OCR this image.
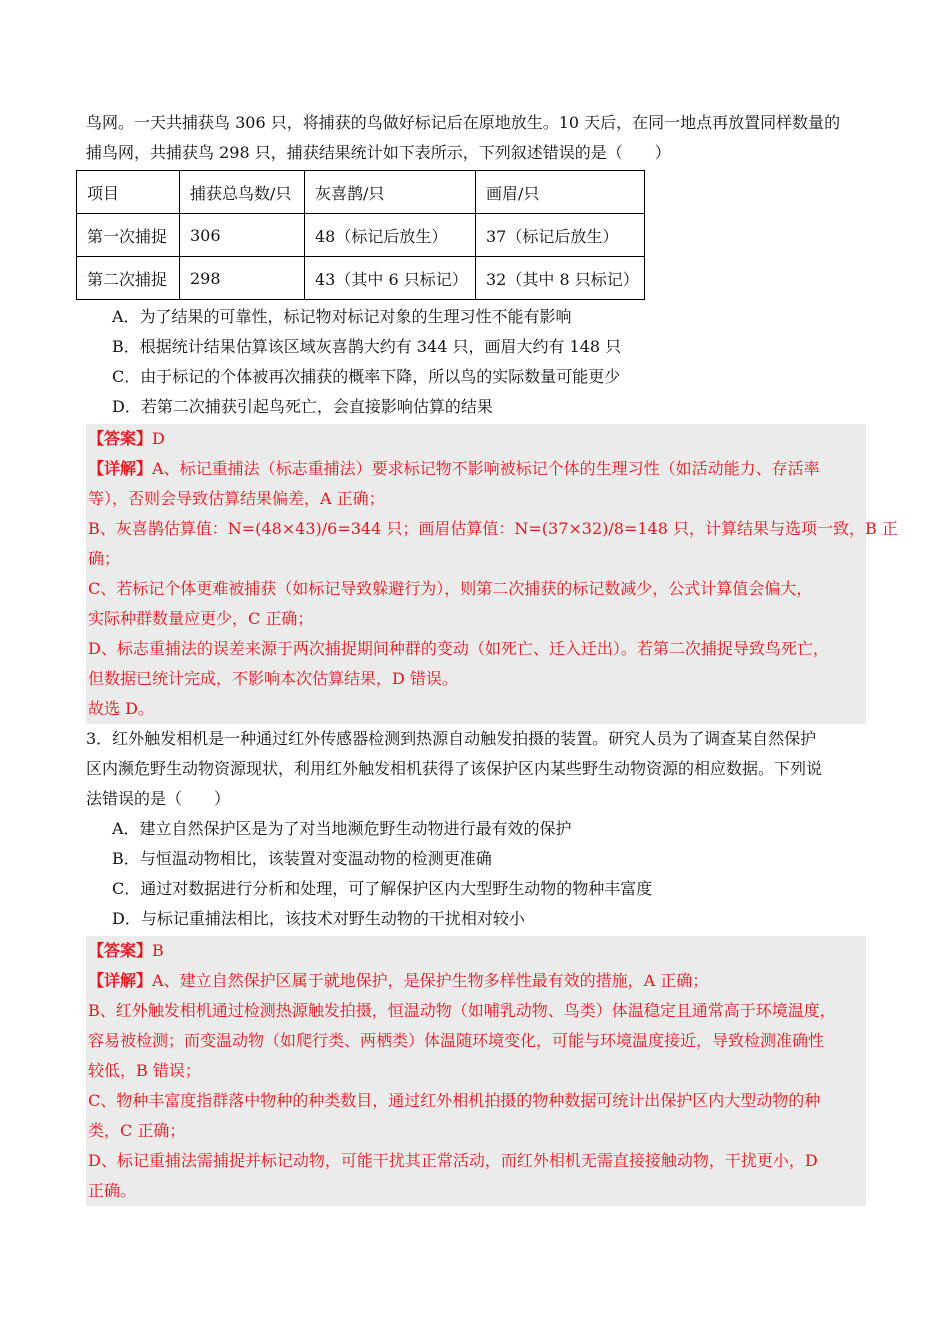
鸟网。一天共捕获鸟 306 只，将捕获的鸟做好标记后在原地放生。10 天后，在同一地点再放置同样数量的
捕鸟网，共捕获鸟 298 只，捕获结果统计如下表所示，下列叙述错误的是（　　）
项目	捕获总鸟数/只	灰喜鹊/只	画眉/只
第一次捕捉	306	48（标记后放生）	37（标记后放生）
第二次捕捉	298	43（其中 6 只标记）	32（其中 8 只标记）
A．为了结果的可靠性，标记物对标记对象的生理习性不能有影响
B．根据统计结果估算该区域灰喜鹊大约有 344 只，画眉大约有 148 只
C．由于标记的个体被再次捕获的概率下降，所以鸟的实际数量可能更少
D．若第二次捕获引起鸟死亡，会直接影响估算的结果
【答案】D
【详解】A、标记重捕法（标志重捕法）要求标记物不影响被标记个体的生理习性（如活动能力、存活率
等），否则会导致估算结果偏差，A 正确；
B、灰喜鹊估算值：N=(48×43)/6=344 只；画眉估算值：N=(37×32)/8=148 只，计算结果与选项一致，B 正
确；
C、若标记个体更难被捕获（如标记导致躲避行为），则第二次捕获的标记数减少，公式计算值会偏大，
实际种群数量应更少，C 正确；
D、标志重捕法的误差来源于两次捕捉期间种群的变动（如死亡、迁入迁出）。若第二次捕捉导致鸟死亡，
但数据已统计完成，不影响本次估算结果，D 错误。
故选 D。
3．红外触发相机是一种通过红外传感器检测到热源自动触发拍摄的装置。研究人员为了调查某自然保护
区内濒危野生动物资源现状，利用红外触发相机获得了该保护区内某些野生动物资源的相应数据。下列说
法错误的是（　　）
A．建立自然保护区是为了对当地濒危野生动物进行最有效的保护
B．与恒温动物相比，该装置对变温动物的检测更准确
C．通过对数据进行分析和处理，可了解保护区内大型野生动物的物种丰富度
D．与标记重捕法相比，该技术对野生动物的干扰相对较小
【答案】B
【详解】A、建立自然保护区属于就地保护，是保护生物多样性最有效的措施，A 正确；
B、红外触发相机通过检测热源触发拍摄，恒温动物（如哺乳动物、鸟类）体温稳定且通常高于环境温度，
容易被检测；而变温动物（如爬行类、两栖类）体温随环境变化，可能与环境温度接近，导致检测准确性
较低，B 错误；
C、物种丰富度指群落中物种的种类数目，通过红外相机拍摄的物种数据可统计出保护区内大型动物的种
类，C 正确；
D、标记重捕法需捕捉并标记动物，可能干扰其正常活动，而红外相机无需直接接触动物，干扰更小，D
正确。
